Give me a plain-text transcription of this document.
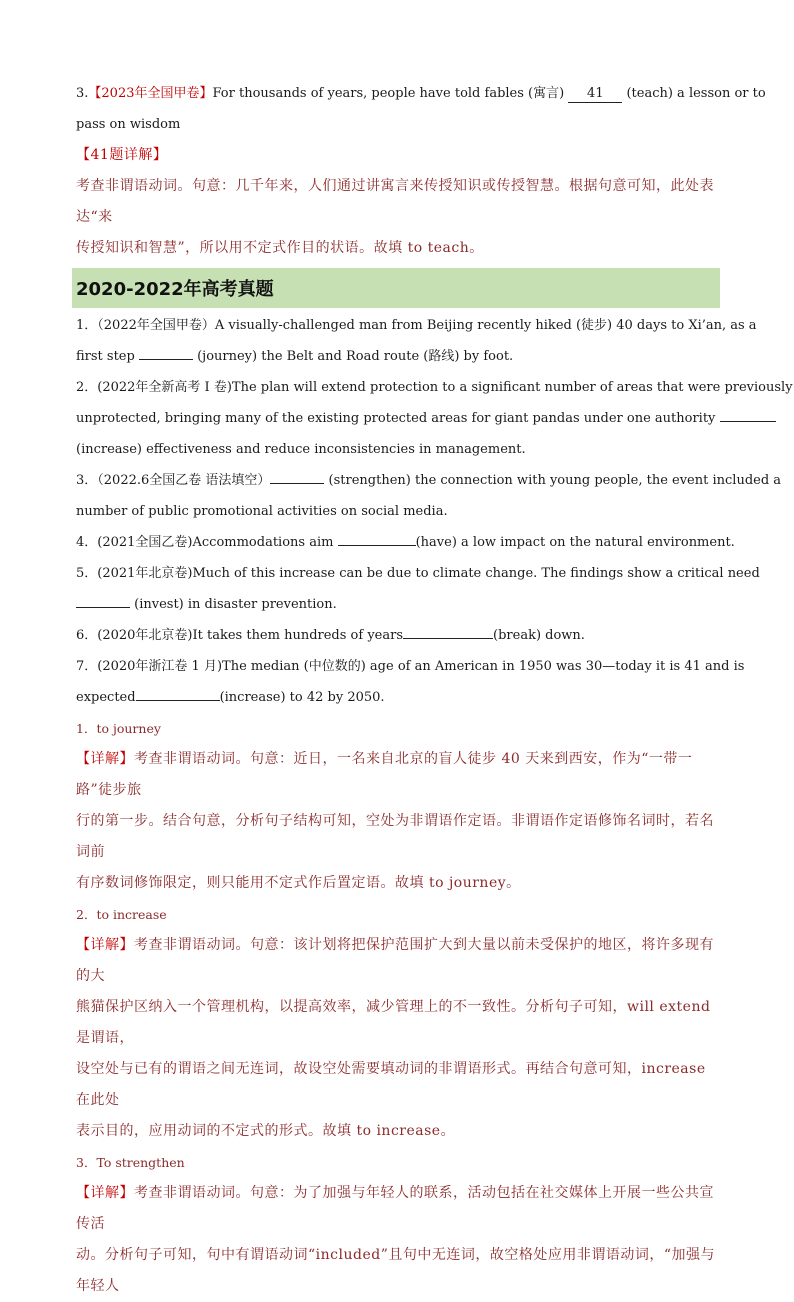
3.【2023年全国甲卷】For thousands of years, people have told fables (寓言) 41 (teach) a lesson or to
pass on wisdom
【41题详解】
考查非谓语动词。句意：几千年来，人们通过讲寓言来传授知识或传授智慧。根据句意可知，此处表达“来
传授知识和智慧”，所以用不定式作目的状语。故填 to teach。
2020-2022年高考真题
1．（2022年全国甲卷）A visually-challenged man from Beijing recently hiked (徒步) 40 days to Xi’an, as a
first step	(journey) the Belt and Road route (路线) by foot.
2．(2022年全新高考 I 卷)The plan will extend protection to a significant number of areas that were previously
unprotected, bringing many of the existing protected areas for giant pandas under one authority
(increase) effectiveness and reduce inconsistencies in management.
3．（2022.6全国乙卷 语法填空）	(strengthen) the connection with young people, the event included a
number of public promotional activities on social media.
4．(2021全国乙卷)Accommodations aim	(have) a low impact on the natural environment.
5．(2021年北京卷)Much of this increase can be due to climate change. The findings show a critical need
(invest) in disaster prevention.
6．(2020年北京卷)It takes them hundreds of years	(break) down.
7．(2020年浙江卷 1 月)The median (中位数的) age of an American in 1950 was 30—today it is 41 and is
expected	(increase) to 42 by 2050.
1．to journey
【详解】考查非谓语动词。句意：近日，一名来自北京的盲人徒步 40 天来到西安，作为“一带一路”徒步旅
行的第一步。结合句意，分析句子结构可知，空处为非谓语作定语。非谓语作定语修饰名词时，若名词前
有序数词修饰限定，则只能用不定式作后置定语。故填 to journey。
2．to increase
【详解】考查非谓语动词。句意：该计划将把保护范围扩大到大量以前未受保护的地区，将许多现有的大
熊猫保护区纳入一个管理机构，以提高效率，减少管理上的不一致性。分析句子可知，will extend 是谓语，
设空处与已有的谓语之间无连词，故设空处需要填动词的非谓语形式。再结合句意可知，increase 在此处
表示目的，应用动词的不定式的形式。故填 to increase。
3．To strengthen
【详解】考查非谓语动词。句意：为了加强与年轻人的联系，活动包括在社交媒体上开展一些公共宣传活
动。分析句子可知，句中有谓语动词“included”且句中无连词，故空格处应用非谓语动词，“加强与年轻人
